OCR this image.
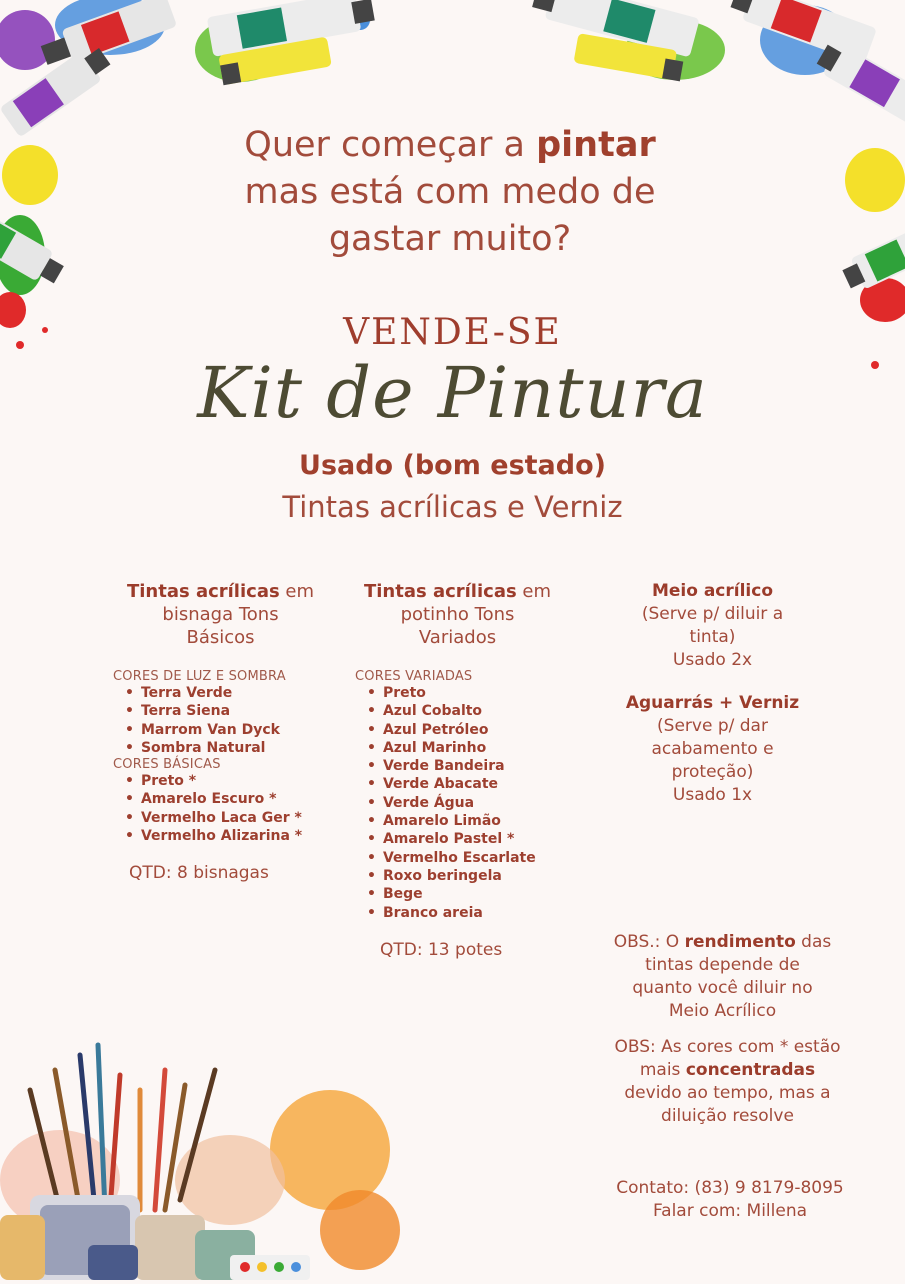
Quer começar a pintar
mas está com medo de
gastar muito?
VENDE-SE
Kit de Pintura
Usado (bom estado)
Tintas acrílicas e Verniz
Tintas acrílicas em
bisnaga Tons
Básicos
CORES DE LUZ E SOMBRA
• Terra Verde
• Terra Siena
• Marrom Van Dyck
• Sombra Natural
CORES BÁSICAS
• Preto *
• Amarelo Escuro *
• Vermelho Laca Ger *
• Vermelho Alizarina *
QTD: 8 bisnagas
Tintas acrílicas em
potinho Tons
Variados
CORES VARIADAS
• Preto
• Azul Cobalto
• Azul Petróleo
• Azul Marinho
• Verde Bandeira
• Verde Abacate
• Verde Água
• Amarelo Limão
• Amarelo Pastel *
• Vermelho Escarlate
• Roxo beringela
• Bege
• Branco areia
QTD: 13 potes
Meio acrílico
(Serve p/ diluir a
tinta)
Usado 2x
Aguarrás + Verniz
(Serve p/ dar
acabamento e
proteção)
Usado 1x
OBS.: O rendimento das
tintas depende de
quanto você diluir no
Meio Acrílico
OBS: As cores com * estão
mais concentradas
devido ao tempo, mas a
diluição resolve
Contato: (83) 9 8179-8095
Falar com: Millena
